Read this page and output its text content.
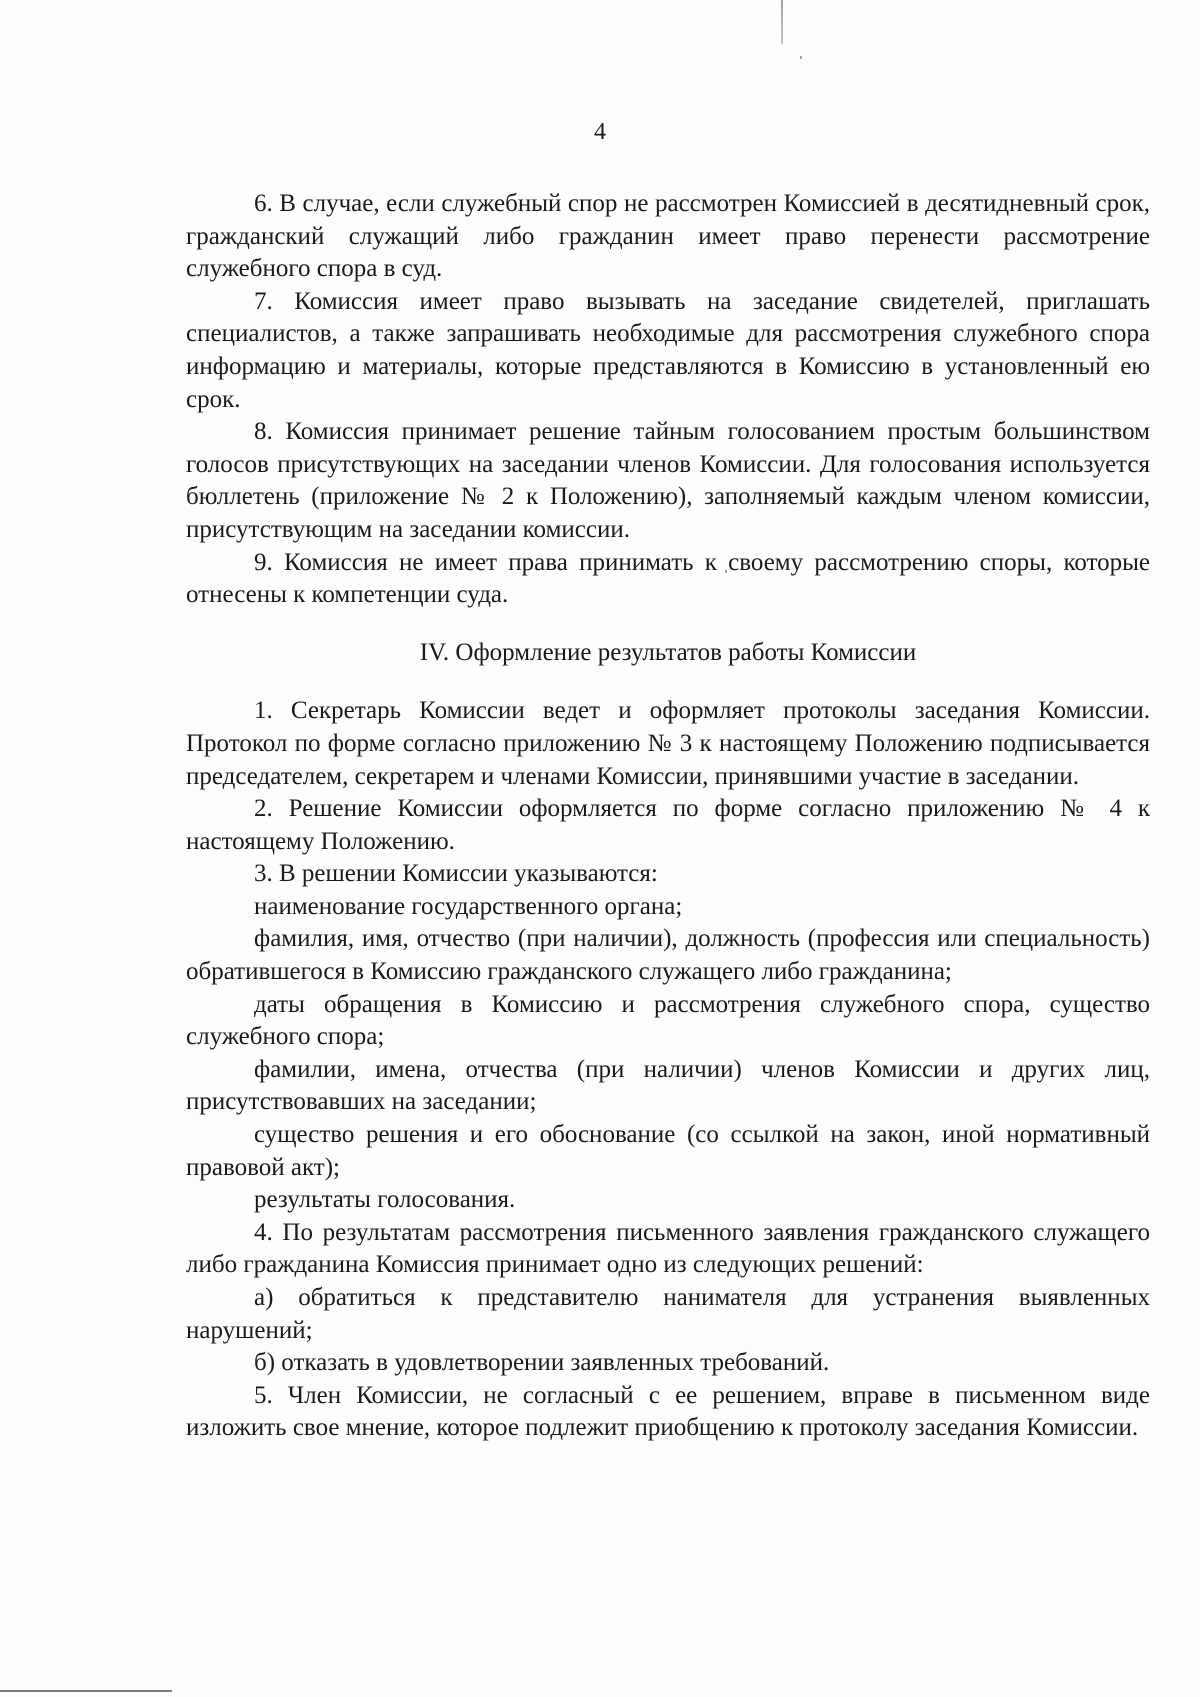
4

6. В случае, если служебный спор не рассмотрен Комиссией в десятидневный срок, гражданский служащий либо гражданин имеет право перенести рассмотрение служебного спора в суд.

7. Комиссия имеет право вызывать на заседание свидетелей, приглашать специалистов, а также запрашивать необходимые для рассмотрения служебного спора информацию и материалы, которые представляются в Комиссию в установленный ею срок.

8. Комиссия принимает решение тайным голосованием простым большинством голосов присутствующих на заседании членов Комиссии. Для голосования используется бюллетень (приложение № 2 к Положению), заполняемый каждым членом комиссии, присутствующим на заседании комиссии.

9. Комиссия не имеет права принимать к своему рассмотрению споры, которые отнесены к компетенции суда.

IV. Оформление результатов работы Комиссии

1. Секретарь Комиссии ведет и оформляет протоколы заседания Комиссии. Протокол по форме согласно приложению № 3 к настоящему Положению подписывается председателем, секретарем и членами Комиссии, принявшими участие в заседании.

2. Решение Комиссии оформляется по форме согласно приложению № 4 к настоящему Положению.

3. В решении Комиссии указываются:

наименование государственного органа;

фамилия, имя, отчество (при наличии), должность (профессия или специальность) обратившегося в Комиссию гражданского служащего либо гражданина;

даты обращения в Комиссию и рассмотрения служебного спора, существо служебного спора;

фамилии, имена, отчества (при наличии) членов Комиссии и других лиц, присутствовавших на заседании;

существо решения и его обоснование (со ссылкой на закон, иной нормативный правовой акт);

результаты голосования.

4. По результатам рассмотрения письменного заявления гражданского служащего либо гражданина Комиссия принимает одно из следующих решений:

а) обратиться к представителю нанимателя для устранения выявленных нарушений;

б) отказать в удовлетворении заявленных требований.

5. Член Комиссии, не согласный с ее решением, вправе в письменном виде изложить свое мнение, которое подлежит приобщению к протоколу заседания Комиссии.
